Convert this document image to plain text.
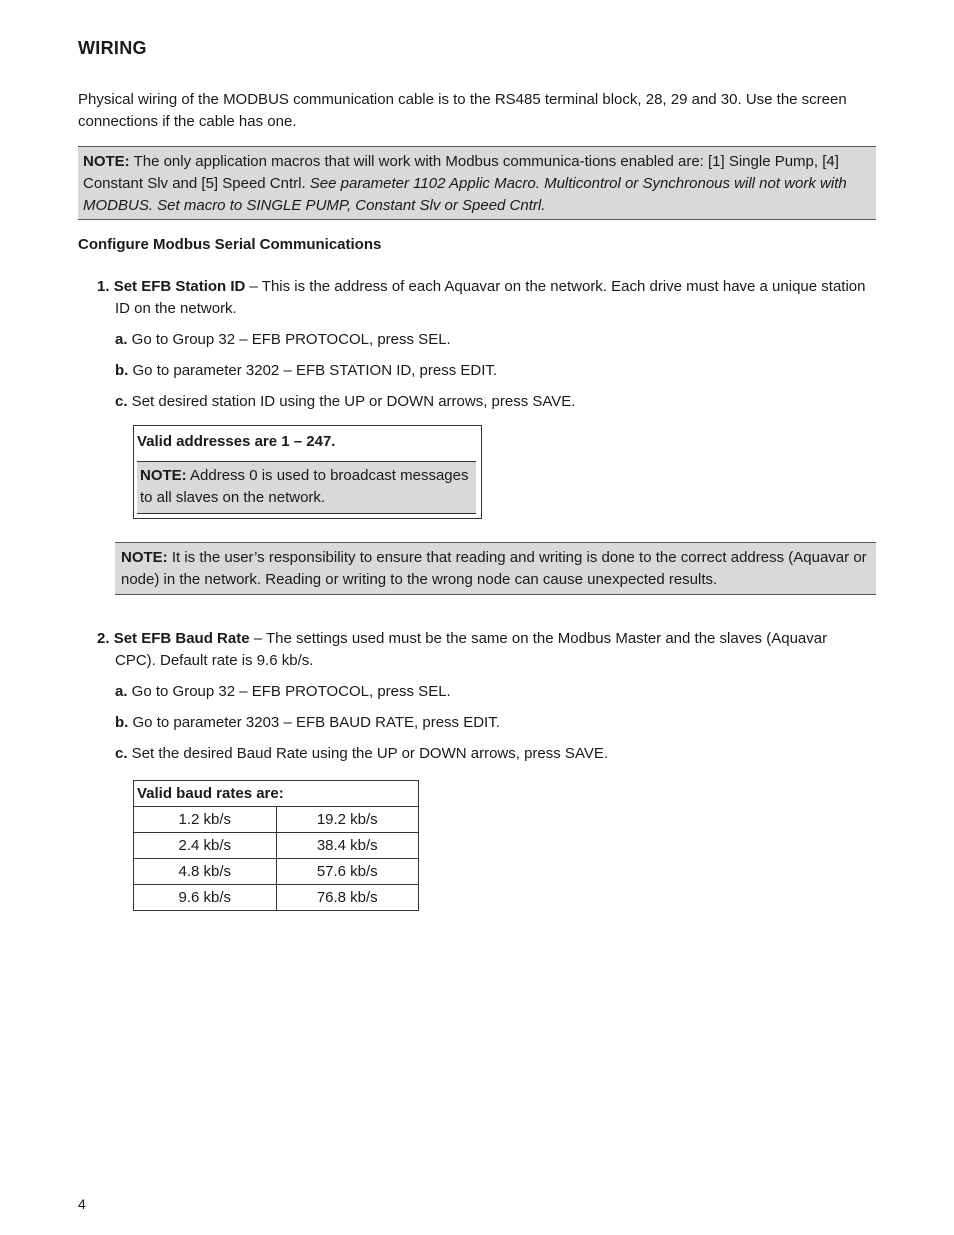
WIRING
Physical wiring of the MODBUS communication cable is to the RS485 terminal block, 28, 29 and 30. Use the screen connections if the cable has one.
NOTE: The only application macros that will work with Modbus communica-tions enabled are: [1] Single Pump, [4] Constant Slv and [5] Speed Cntrl. See parameter 1102 Applic Macro. Multicontrol or Synchronous will not work with MODBUS. Set macro to SINGLE PUMP, Constant Slv or Speed Cntrl.
Configure Modbus Serial Communications
1. Set EFB Station ID – This is the address of each Aquavar on the network. Each drive must have a unique station ID on the network.
a. Go to Group 32 – EFB PROTOCOL, press SEL.
b. Go to parameter 3202 – EFB STATION ID, press EDIT.
c. Set desired station ID using the UP or DOWN arrows, press SAVE.
Valid addresses are 1 – 247.
NOTE: Address 0 is used to broadcast messages to all slaves on the network.
NOTE: It is the user’s responsibility to ensure that reading and writing is done to the correct address (Aquavar or node) in the network. Reading or writing to the wrong node can cause unexpected results.
2. Set EFB Baud Rate – The settings used must be the same on the Modbus Master and the slaves (Aquavar CPC). Default rate is 9.6 kb/s.
a. Go to Group 32 – EFB PROTOCOL, press SEL.
b. Go to parameter 3203 – EFB BAUD RATE, press EDIT.
c. Set the desired Baud Rate using the UP or DOWN arrows, press SAVE.
Valid baud rates are:	
1.2 kb/s	19.2 kb/s
2.4 kb/s	38.4 kb/s
4.8 kb/s	57.6 kb/s
9.6 kb/s	76.8 kb/s
4
